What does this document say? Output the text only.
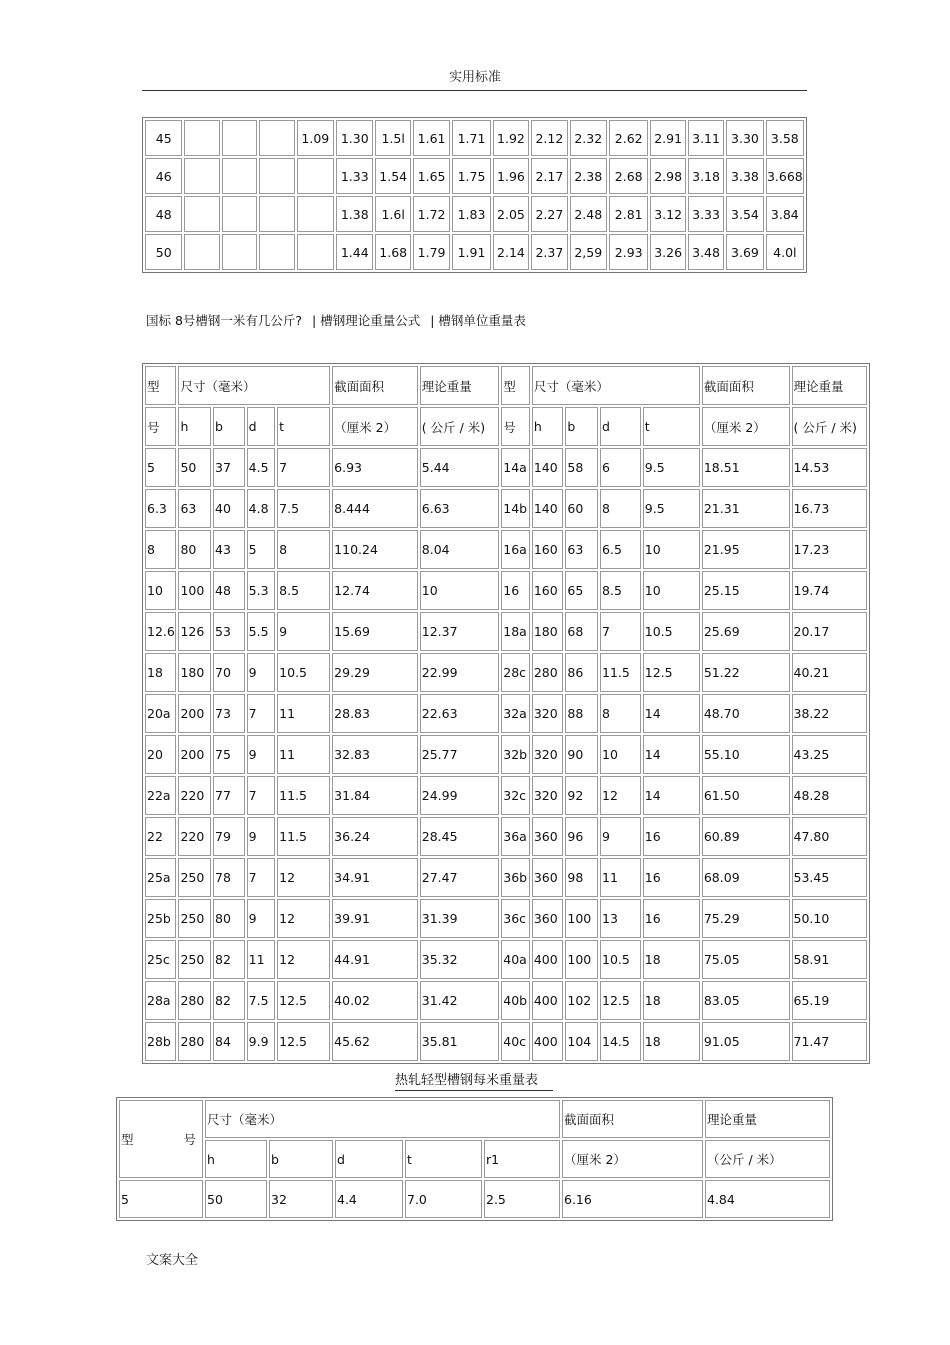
实用标准
45				1.09	1.30	1.5l	1.61	1.71	1.92	2.12	2.32	2.62	2.91	3.11	3.30	3.58
46					1.33	1.54	1.65	1.75	1.96	2.17	2.38	2.68	2.98	3.18	3.38	3.668
48					1.38	1.6l	1.72	1.83	2.05	2.27	2.48	2.81	3.12	3.33	3.54	3.84
50					1.44	1.68	1.79	1.91	2.14	2.37	2,59	2.93	3.26	3.48	3.69	4.0l
国标 8号槽钢一米有几公斤? | 槽钢理论重量公式 | 槽钢单位重量表
型	尺寸（毫米）				截面面积	理论重量	型	尺寸（毫米）				截面面积	理论重量
号	h	b	d	t	（厘米 2）	( 公斤 / 米)	号	h	b	d	t	（厘米 2）	( 公斤 / 米)
5	50	37	4.5	7	6.93	5.44	14a	140	58	6	9.5	18.51	14.53
6.3	63	40	4.8	7.5	8.444	6.63	14b	140	60	8	9.5	21.31	16.73
8	80	43	5	8	110.24	8.04	16a	160	63	6.5	10	21.95	17.23
10	100	48	5.3	8.5	12.74	10	16	160	65	8.5	10	25.15	19.74
12.6	126	53	5.5	9	15.69	12.37	18a	180	68	7	10.5	25.69	20.17
18	180	70	9	10.5	29.29	22.99	28c	280	86	11.5	12.5	51.22	40.21
20a	200	73	7	11	28.83	22.63	32a	320	88	8	14	48.70	38.22
20	200	75	9	11	32.83	25.77	32b	320	90	10	14	55.10	43.25
22a	220	77	7	11.5	31.84	24.99	32c	320	92	12	14	61.50	48.28
22	220	79	9	11.5	36.24	28.45	36a	360	96	9	16	60.89	47.80
25a	250	78	7	12	34.91	27.47	36b	360	98	11	16	68.09	53.45
25b	250	80	9	12	39.91	31.39	36c	360	100	13	16	75.29	50.10
25c	250	82	11	12	44.91	35.32	40a	400	100	10.5	18	75.05	58.91
28a	280	82	7.5	12.5	40.02	31.42	40b	400	102	12.5	18	83.05	65.19
28b	280	84	9.9	12.5	45.62	35.81	40c	400	104	14.5	18	91.05	71.47
热轧轻型槽钢每米重量表
型 号	尺寸（毫米）					截面面积	理论重量
	h	b	d	t	r1	（厘米 2）	（公斤 / 米）
5	50	32	4.4	7.0	2.5	6.16	4.84
文案大全
